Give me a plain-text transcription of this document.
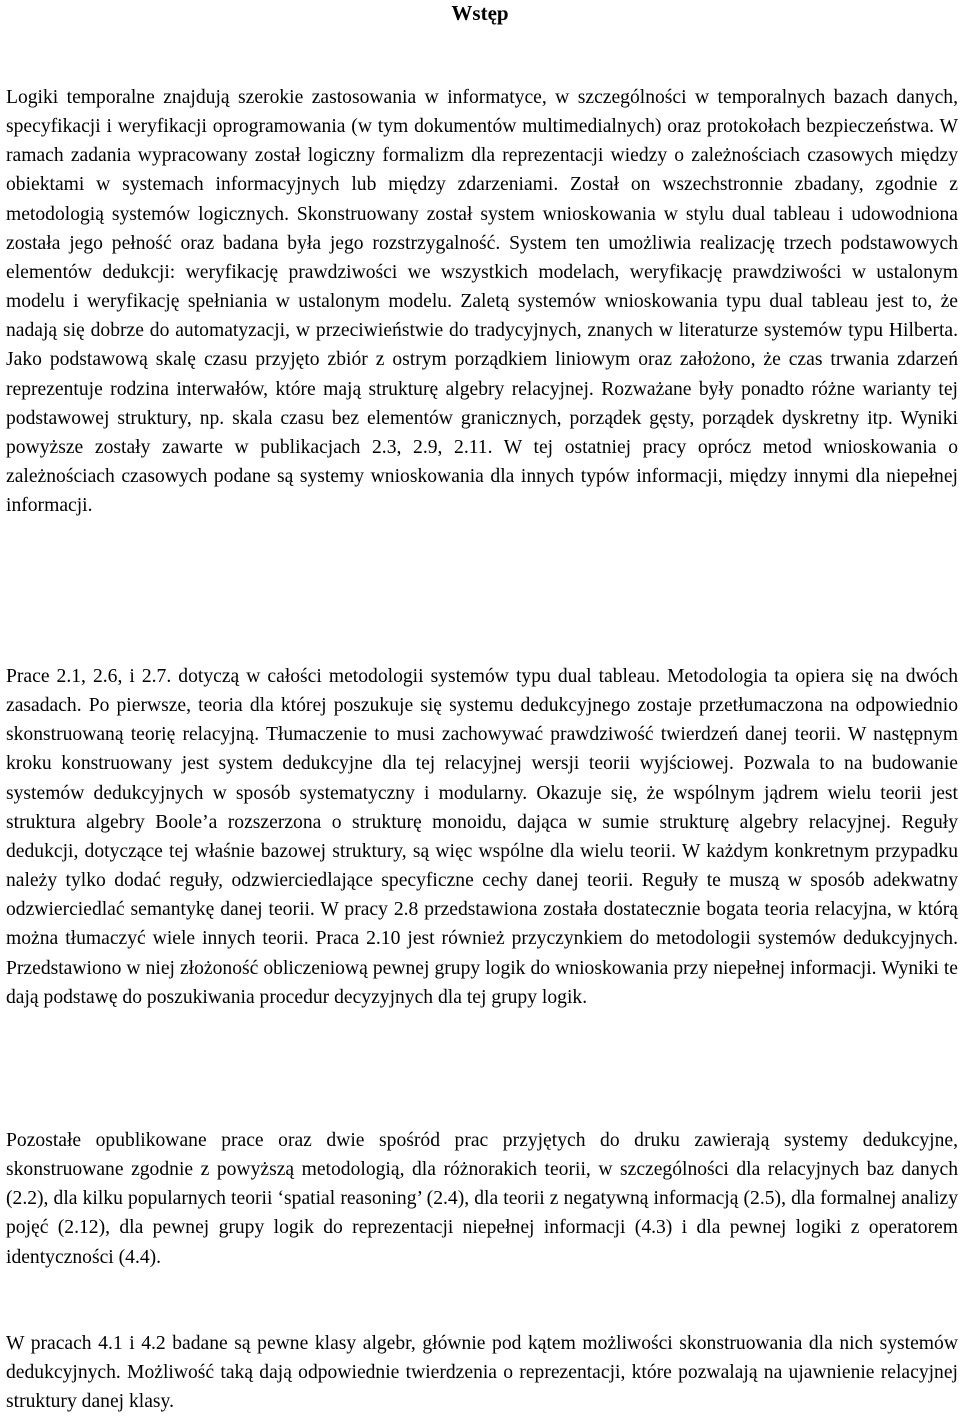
Wstęp

Logiki temporalne znajdują szerokie zastosowania w informatyce, w szczególności w temporalnych bazach danych, specyfikacji i weryfikacji oprogramowania (w tym dokumentów multimedialnych) oraz protokołach bezpieczeństwa. W ramach zadania wypracowany został logiczny formalizm dla reprezentacji wiedzy o zależnościach czasowych między obiektami w systemach informacyjnych lub między zdarzeniami. Został on wszechstronnie zbadany, zgodnie z metodologią systemów logicznych. Skonstruowany został system wnioskowania w stylu dual tableau i udowodniona została jego pełność oraz badana była jego rozstrzygalność. System ten umożliwia realizację trzech podstawowych elementów dedukcji: weryfikację prawdziwości we wszystkich modelach, weryfikację prawdziwości w ustalonym modelu i weryfikację spełniania w ustalonym modelu. Zaletą systemów wnioskowania typu dual tableau jest to, że nadają się dobrze do automatyzacji, w przeciwieństwie do tradycyjnych, znanych w literaturze systemów typu Hilberta. Jako podstawową skalę czasu przyjęto zbiór z ostrym porządkiem liniowym oraz założono, że czas trwania zdarzeń reprezentuje rodzina interwałów, które mają strukturę algebry relacyjnej. Rozważane były ponadto różne warianty tej podstawowej struktury, np. skala czasu bez elementów granicznych, porządek gęsty, porządek dyskretny itp. Wyniki powyższe zostały zawarte w publikacjach 2.3, 2.9, 2.11. W tej ostatniej pracy oprócz metod wnioskowania o zależnościach czasowych podane są systemy wnioskowania dla innych typów informacji, między innymi dla niepełnej informacji.

Prace 2.1, 2.6, i 2.7. dotyczą w całości metodologii systemów typu dual tableau. Metodologia ta opiera się na dwóch zasadach. Po pierwsze, teoria dla której poszukuje się systemu dedukcyjnego zostaje przetłumaczona na odpowiednio skonstruowaną teorię relacyjną. Tłumaczenie to musi zachowywać prawdziwość twierdzeń danej teorii. W następnym kroku konstruowany jest system dedukcyjne dla tej relacyjnej wersji teorii wyjściowej. Pozwala to na budowanie systemów dedukcyjnych w sposób systematyczny i modularny. Okazuje się, że wspólnym jądrem wielu teorii jest struktura algebry Boole’a rozszerzona o strukturę monoidu, dająca w sumie strukturę algebry relacyjnej. Reguły dedukcji, dotyczące tej właśnie bazowej struktury, są więc wspólne dla wielu teorii. W każdym konkretnym przypadku należy tylko dodać reguły, odzwierciedlające specyficzne cechy danej teorii. Reguły te muszą w sposób adekwatny odzwierciedlać semantykę danej teorii. W pracy 2.8 przedstawiona została dostatecznie bogata teoria relacyjna, w którą można tłumaczyć wiele innych teorii. Praca 2.10 jest również przyczynkiem do metodologii systemów dedukcyjnych. Przedstawiono w niej złożoność obliczeniową pewnej grupy logik do wnioskowania przy niepełnej informacji. Wyniki te dają podstawę do poszukiwania procedur decyzyjnych dla tej grupy logik.

Pozostałe opublikowane prace oraz dwie spośród prac przyjętych do druku zawierają systemy dedukcyjne, skonstruowane zgodnie z powyższą metodologią, dla różnorakich teorii, w szczególności dla relacyjnych baz danych (2.2), dla kilku popularnych teorii ‘spatial reasoning’ (2.4), dla teorii z negatywną informacją (2.5), dla formalnej analizy pojęć (2.12), dla pewnej grupy logik do reprezentacji niepełnej informacji (4.3) i dla pewnej logiki z operatorem identyczności (4.4).

W pracach 4.1 i 4.2 badane są pewne klasy algebr, głównie pod kątem możliwości skonstruowania dla nich systemów dedukcyjnych. Możliwość taką dają odpowiednie twierdzenia o reprezentacji, które pozwalają na ujawnienie relacyjnej struktury danej klasy.
